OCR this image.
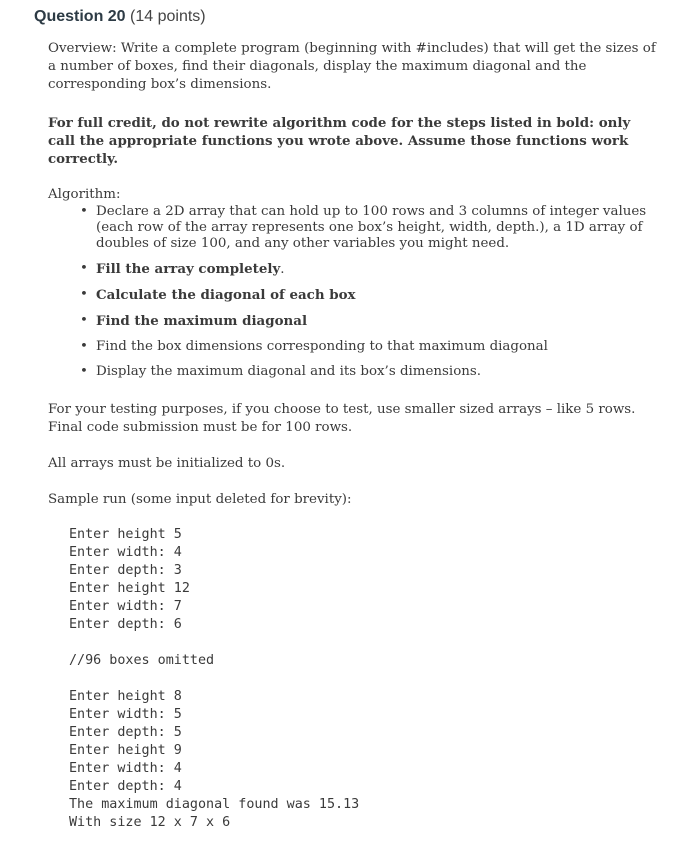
Question 20 (14 points)

Overview: Write a complete program (beginning with #includes) that will get the sizes of a number of boxes, find their diagonals, display the maximum diagonal and the corresponding box’s dimensions.

For full credit, do not rewrite algorithm code for the steps listed in bold: only call the appropriate functions you wrote above. Assume those functions work correctly.

Algorithm:

• Declare a 2D array that can hold up to 100 rows and 3 columns of integer values (each row of the array represents one box’s height, width, depth.), a 1D array of doubles of size 100, and any other variables you might need.
• Fill the array completely.
• Calculate the diagonal of each box
• Find the maximum diagonal
• Find the box dimensions corresponding to that maximum diagonal
• Display the maximum diagonal and its box’s dimensions.

For your testing purposes, if you choose to test, use smaller sized arrays – like 5 rows. Final code submission must be for 100 rows.

All arrays must be initialized to 0s.

Sample run (some input deleted for brevity):

Enter height 5
Enter width: 4
Enter depth: 3
Enter height 12
Enter width: 7
Enter depth: 6
//96 boxes omitted
Enter height 8
Enter width: 5
Enter depth: 5
Enter height 9
Enter width: 4
Enter depth: 4
The maximum diagonal found was 15.13
With size 12 x 7 x 6
